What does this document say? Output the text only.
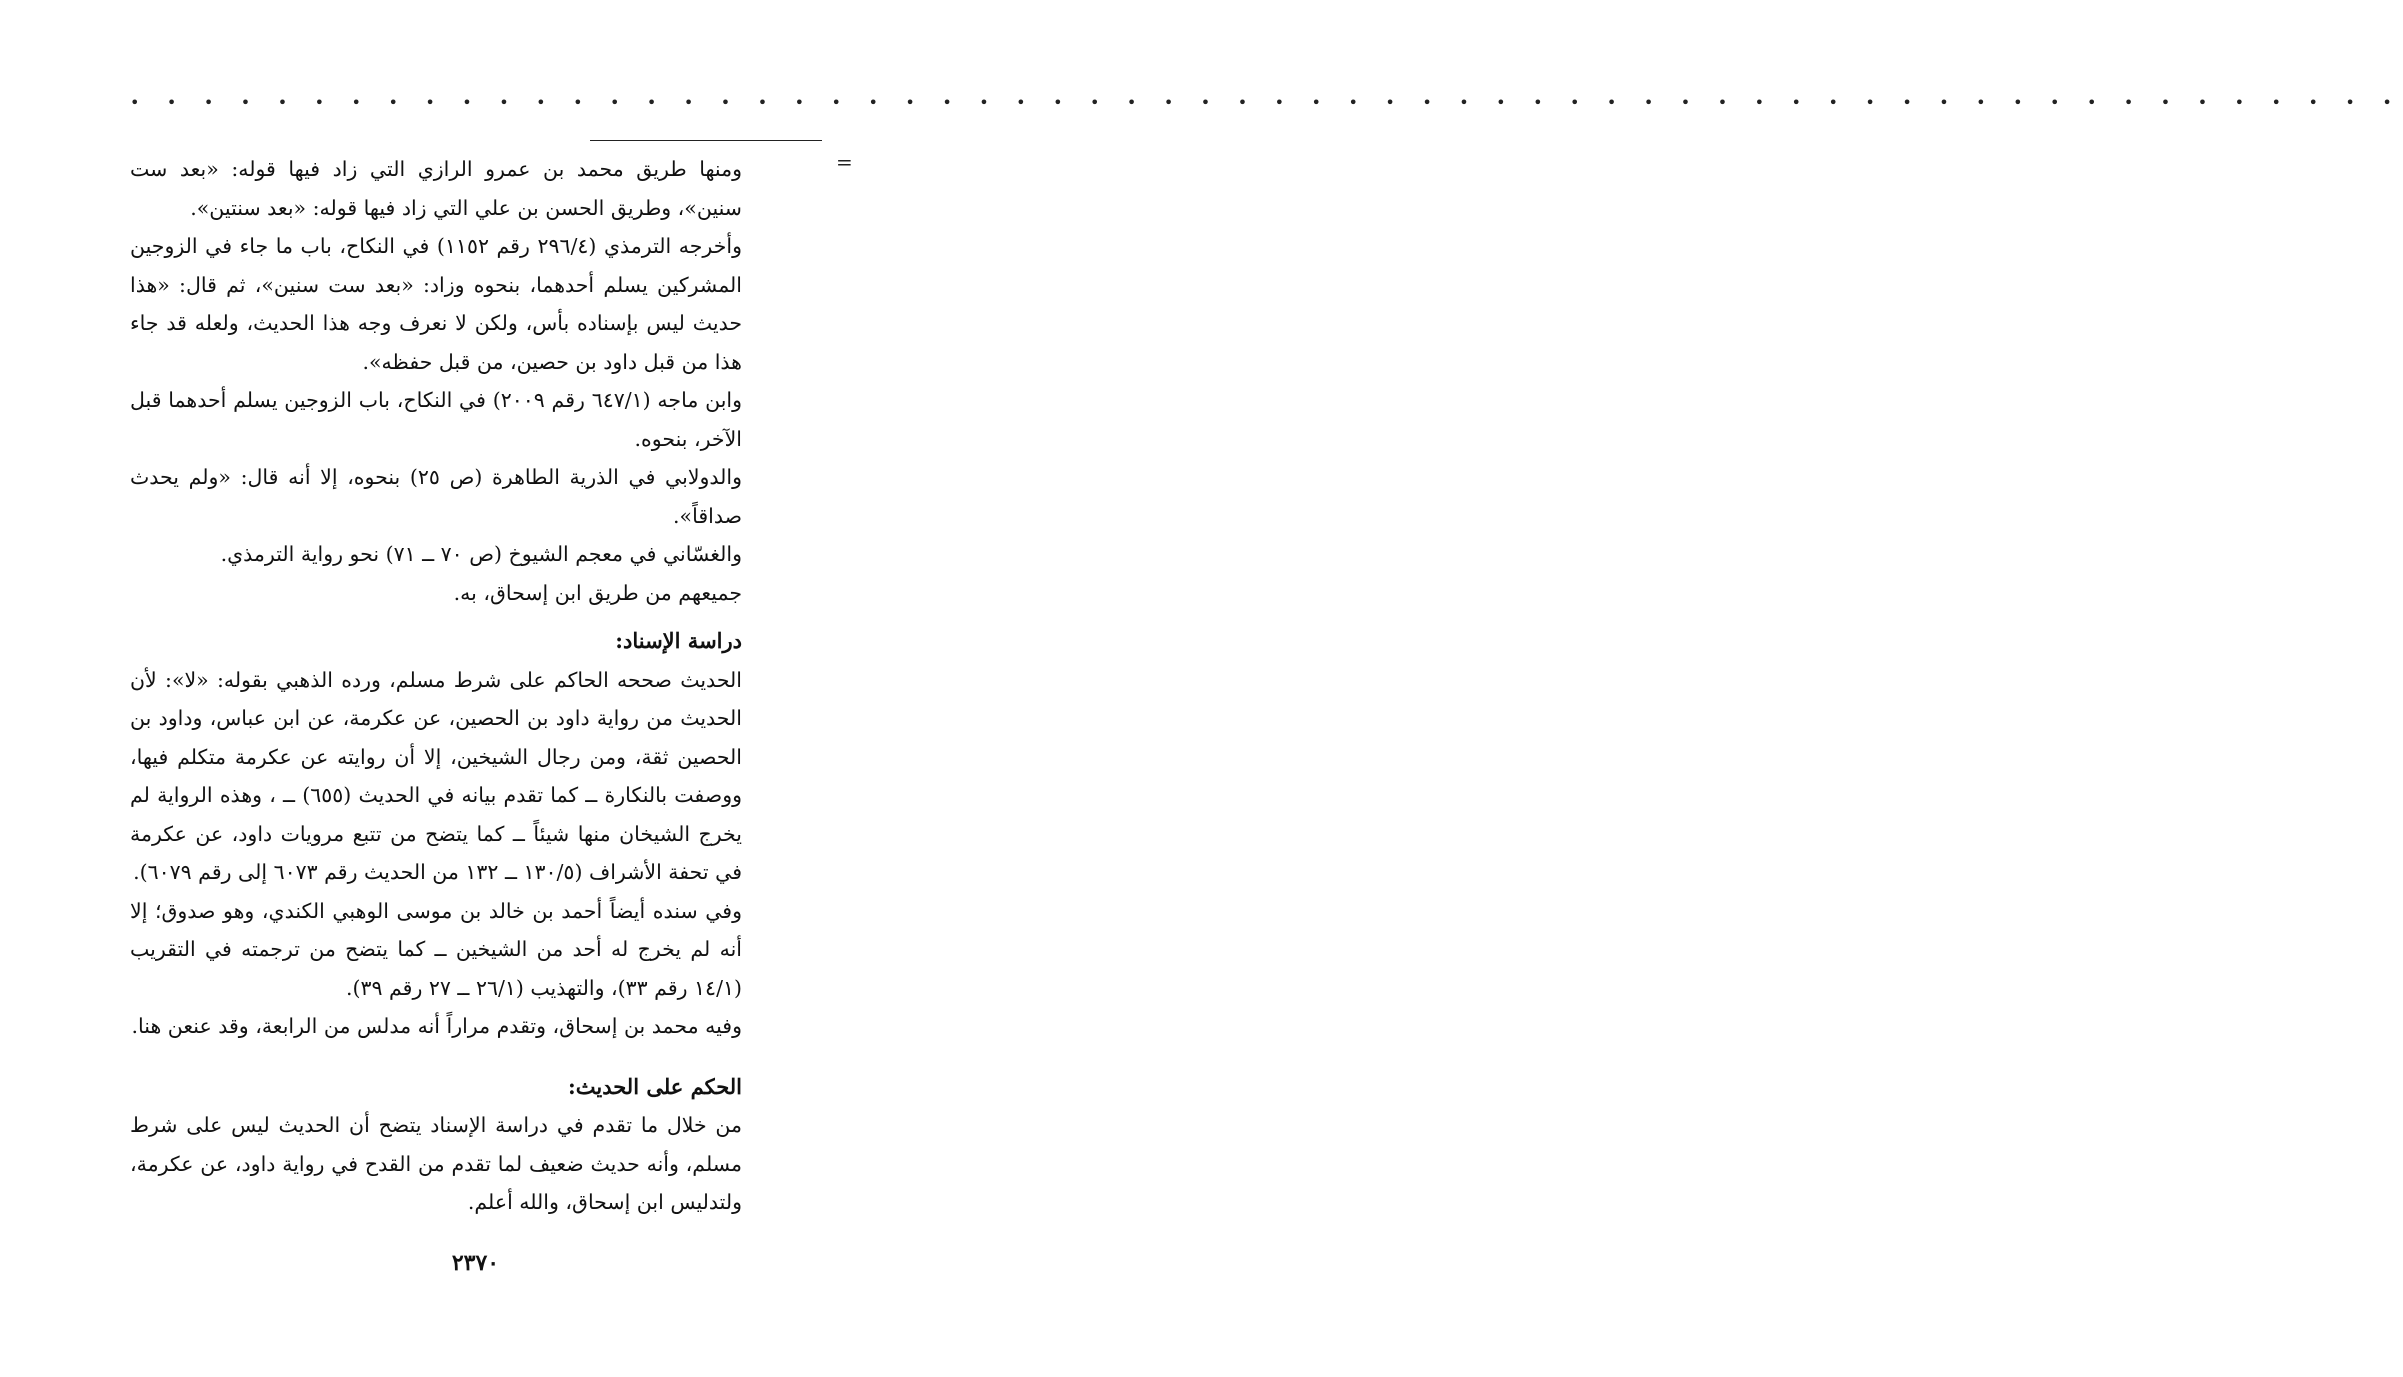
• • • • • • • • • • • • • • • • • • • • • • • • • • • • • • • • • • • • • • • • • • • • • • • • • • • • • • • • • • • • • •
=

ومنها طريق محمد بن عمرو الرازي التي زاد فيها قوله: «بعد ست سنين»، وطريق الحسن بن علي التي زاد فيها قوله: «بعد سنتين».

وأخرجه الترمذي (٢٩٦/٤ رقم ١١٥٢) في النكاح، باب ما جاء في الزوجين المشركين يسلم أحدهما، بنحوه وزاد: «بعد ست سنين»، ثم قال: «هذا حديث ليس بإسناده بأس، ولكن لا نعرف وجه هذا الحديث، ولعله قد جاء هذا من قبل داود بن حصين، من قبل حفظه».

وابن ماجه (٦٤٧/١ رقم ٢٠٠٩) في النكاح، باب الزوجين يسلم أحدهما قبل الآخر، بنحوه.

والدولابي في الذرية الطاهرة (ص ٢٥) بنحوه، إلا أنه قال: «ولم يحدث صداقاً».

والغسّاني في معجم الشيوخ (ص ٧٠ ــ ٧١) نحو رواية الترمذي.

جميعهم من طريق ابن إسحاق، به.

دراسة الإسناد:

الحديث صححه الحاكم على شرط مسلم، ورده الذهبي بقوله: «لا»: لأن الحديث من رواية داود بن الحصين، عن عكرمة، عن ابن عباس، وداود بن الحصين ثقة، ومن رجال الشيخين، إلا أن روايته عن عكرمة متكلم فيها، ووصفت بالنكارة ــ كما تقدم بيانه في الحديث (٦٥٥) ــ ، وهذه الرواية لم يخرج الشيخان منها شيئاً ــ كما يتضح من تتبع مرويات داود، عن عكرمة في تحفة الأشراف (١٣٠/٥ ــ ١٣٢ من الحديث رقم ٦٠٧٣ إلى رقم ٦٠٧٩).

وفي سنده أيضاً أحمد بن خالد بن موسى الوهبي الكندي، وهو صدوق؛ إلا أنه لم يخرج له أحد من الشيخين ــ كما يتضح من ترجمته في التقريب (١٤/١ رقم ٣٣)، والتهذيب (٢٦/١ ــ ٢٧ رقم ٣٩).

وفيه محمد بن إسحاق، وتقدم مراراً أنه مدلس من الرابعة، وقد عنعن هنا.

الحكم على الحديث:

من خلال ما تقدم في دراسة الإسناد يتضح أن الحديث ليس على شرط مسلم، وأنه حديث ضعيف لما تقدم من القدح في رواية داود، عن عكرمة، ولتدليس ابن إسحاق، والله أعلم.

٢٣٧٠
